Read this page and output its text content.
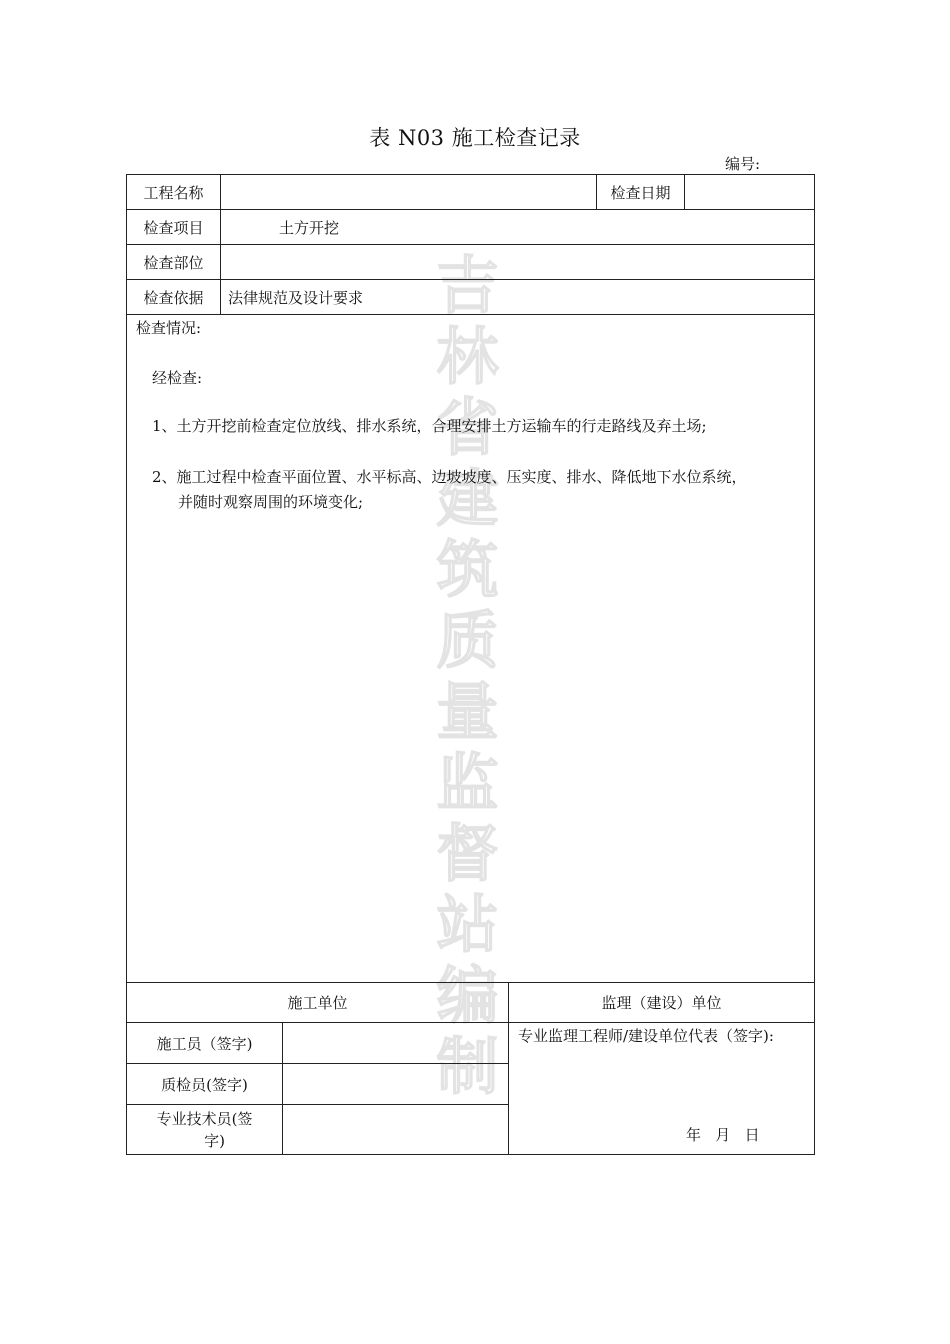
表 N03 施工检查记录
编号:
吉
林
省
建
筑
质
量
监
督
站
编
制
工程名称	检查日期
检查项目	土方开挖
检查部位
检查依据	法律规范及设计要求
检查情况:
经检查:
1、土方开挖前检查定位放线、排水系统，合理安排土方运输车的行走路线及弃土场;
2、施工过程中检查平面位置、水平标高、边坡坡度、压实度、排水、降低地下水位系统，
并随时观察周围的环境变化;
施工单位	监理（建设）单位
施工员（签字)
质检员(签字)
专业技术员(签
字)
专业监理工程师/建设单位代表（签字):
年   月   日
